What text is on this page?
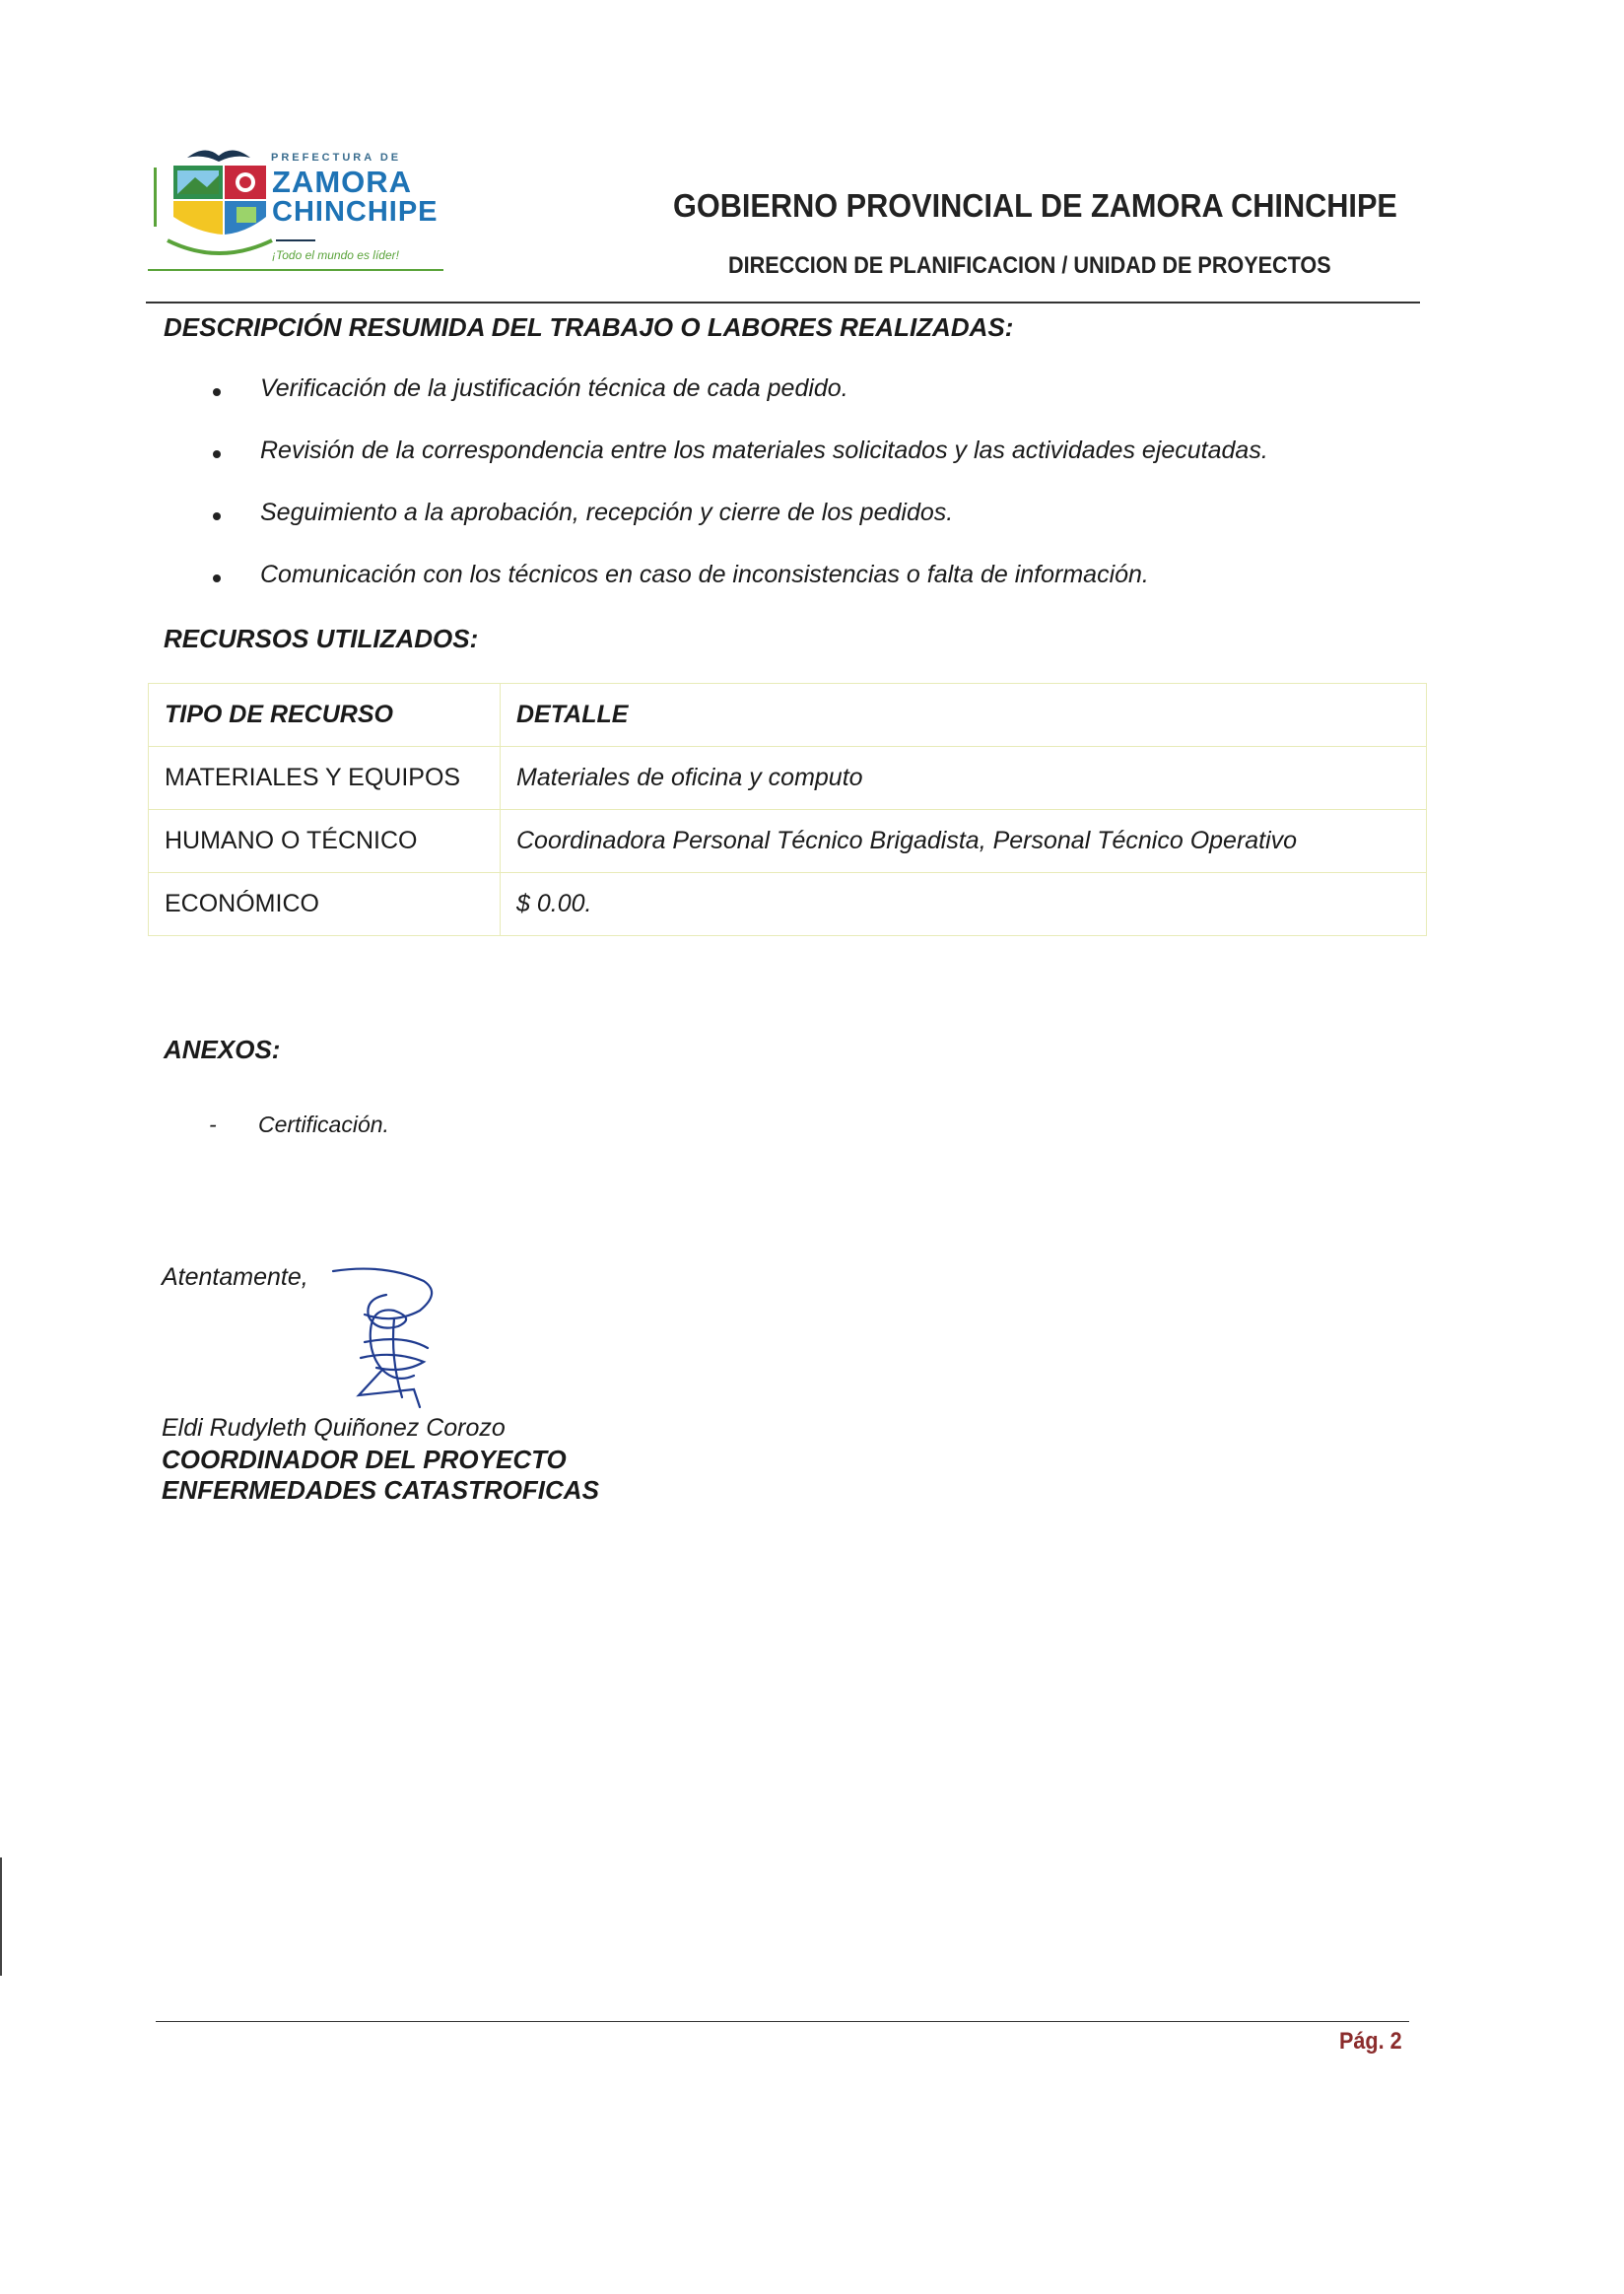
PREFECTURA DE
ZAMORA
CHINCHIPE
¡Todo el mundo es líder!
GOBIERNO PROVINCIAL DE ZAMORA CHINCHIPE
DIRECCION DE PLANIFICACION / UNIDAD DE PROYECTOS
DESCRIPCIÓN RESUMIDA DEL TRABAJO O LABORES REALIZADAS:
Verificación de la justificación técnica de cada pedido.
Revisión de la correspondencia entre los materiales solicitados y las actividades ejecutadas.
Seguimiento a la aprobación, recepción y cierre de los pedidos.
Comunicación con los técnicos en caso de inconsistencias o falta de información.
RECURSOS UTILIZADOS:
TIPO DE RECURSO	DETALLE
MATERIALES Y EQUIPOS	Materiales de oficina y computo
HUMANO O TÉCNICO	Coordinadora Personal Técnico Brigadista, Personal Técnico Operativo
ECONÓMICO	$ 0.00.
ANEXOS:
- Certificación.
Atentamente,
Eldi Rudyleth Quiñonez Corozo
COORDINADOR DEL PROYECTO
ENFERMEDADES CATASTROFICAS
Pág. 2
